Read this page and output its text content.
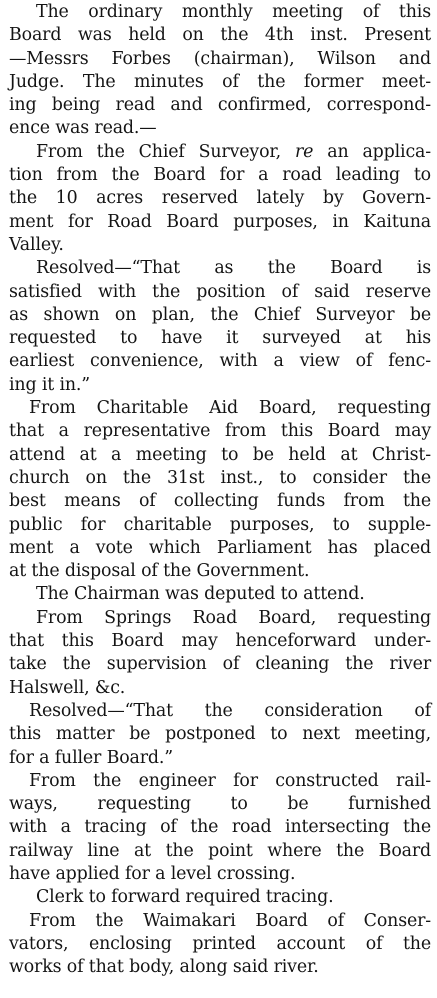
The ordinary monthly meeting of this
Board was held on the 4th inst. Present
—Messrs Forbes (chairman), Wilson and
Judge. The minutes of the former meet-
ing being read and confirmed, correspond-
ence was read.—
From the Chief Surveyor, re an applica-
tion from the Board for a road leading to
the 10 acres reserved lately by Govern-
ment for Road Board purposes, in Kaituna
Valley.
Resolved—“That as the Board is
satisfied with the position of said reserve
as shown on plan, the Chief Surveyor be
requested to have it surveyed at his
earliest convenience, with a view of fenc-
ing it in.”
From Charitable Aid Board, requesting
that a representative from this Board may
attend at a meeting to be held at Christ-
church on the 31st inst., to consider the
best means of collecting funds from the
public for charitable purposes, to supple-
ment a vote which Parliament has placed
at the disposal of the Government.
The Chairman was deputed to attend.
From Springs Road Board, requesting
that this Board may henceforward under-
take the supervision of cleaning the river
Halswell, &c.
Resolved—“That the consideration of
this matter be postponed to next meeting,
for a fuller Board.”
From the engineer for constructed rail-
ways, requesting to be furnished
with a tracing of the road intersecting the
railway line at the point where the Board
have applied for a level crossing.
Clerk to forward required tracing.
From the Waimakari Board of Conser-
vators, enclosing printed account of the
works of that body, along said river.
